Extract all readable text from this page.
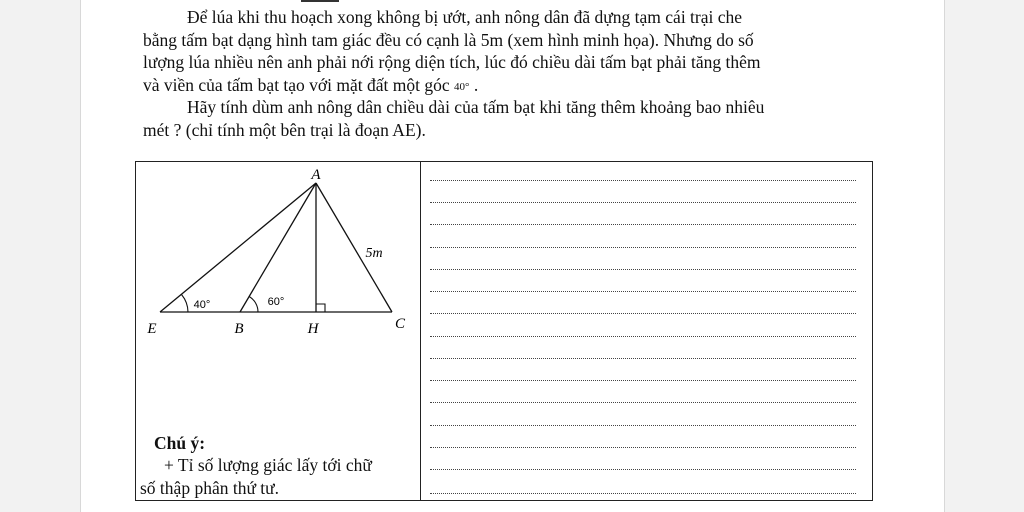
Để lúa khi thu hoạch xong không bị ướt, anh nông dân đã dựng tạm cái trại che
bằng tấm bạt dạng hình tam giác đều có cạnh là 5m (xem hình minh họa). Nhưng do số
lượng lúa nhiều nên anh phải nới rộng diện tích, lúc đó chiều dài tấm bạt phải tăng thêm
và viền của tấm bạt tạo với mặt đất một góc 40° .

Hãy tính dùm anh nông dân chiều dài của tấm bạt khi tăng thêm khoảng bao nhiêu
mét ? (chỉ tính một bên trại là đoạn AE).

A
E	B	H	C
5m
40°	60°
Chú ý:
+ Tỉ số lượng giác lấy tới chữ
số thập phân thứ tư.
